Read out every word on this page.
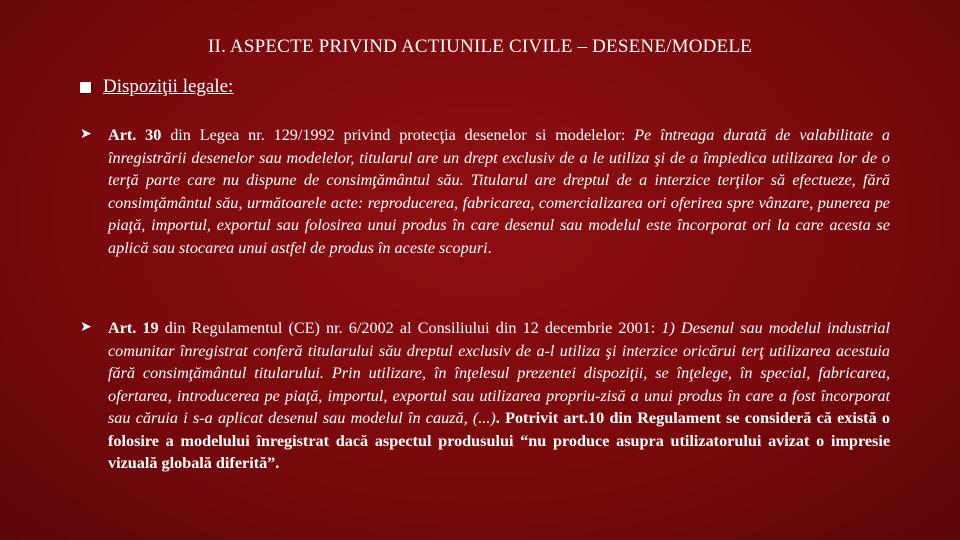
II. ASPECTE PRIVIND ACTIUNILE CIVILE – DESENE/MODELE
Dispoziţii legale:
➤	Art. 30 din Legea nr. 129/1992 privind protecţia desenelor si modelelor: Pe întreaga durată de valabilitate a înregistrării desenelor sau modelelor, titularul are un drept exclusiv de a le utiliza şi de a împiedica utilizarea lor de o terţă parte care nu dispune de consimţământul său. Titularul are dreptul de a interzice terţilor să efectueze, fără consimţământul său, următoarele acte: reproducerea, fabricarea, comercializarea ori oferirea spre vânzare, punerea pe piaţă, importul, exportul sau folosirea unui produs în care desenul sau modelul este încorporat ori la care acesta se aplică sau stocarea unui astfel de produs în aceste scopuri.
➤	Art. 19 din Regulamentul (CE) nr. 6/2002 al Consiliului din 12 decembrie 2001: 1) Desenul sau modelul industrial comunitar înregistrat conferă titularului său dreptul exclusiv de a-l utiliza şi interzice oricărui terţ utilizarea acestuia fără consimţământul titularului. Prin utilizare, în înţelesul prezentei dispoziţii, se înţelege, în special, fabricarea, ofertarea, introducerea pe piaţă, importul, exportul sau utilizarea propriu-zisă a unui produs în care a fost încorporat sau căruia i s-a aplicat desenul sau modelul în cauză, (...). Potrivit art.10 din Regulament se consideră că există o folosire a modelului înregistrat dacă aspectul produsului “nu produce asupra utilizatorului avizat o impresie vizuală globală diferită”.
